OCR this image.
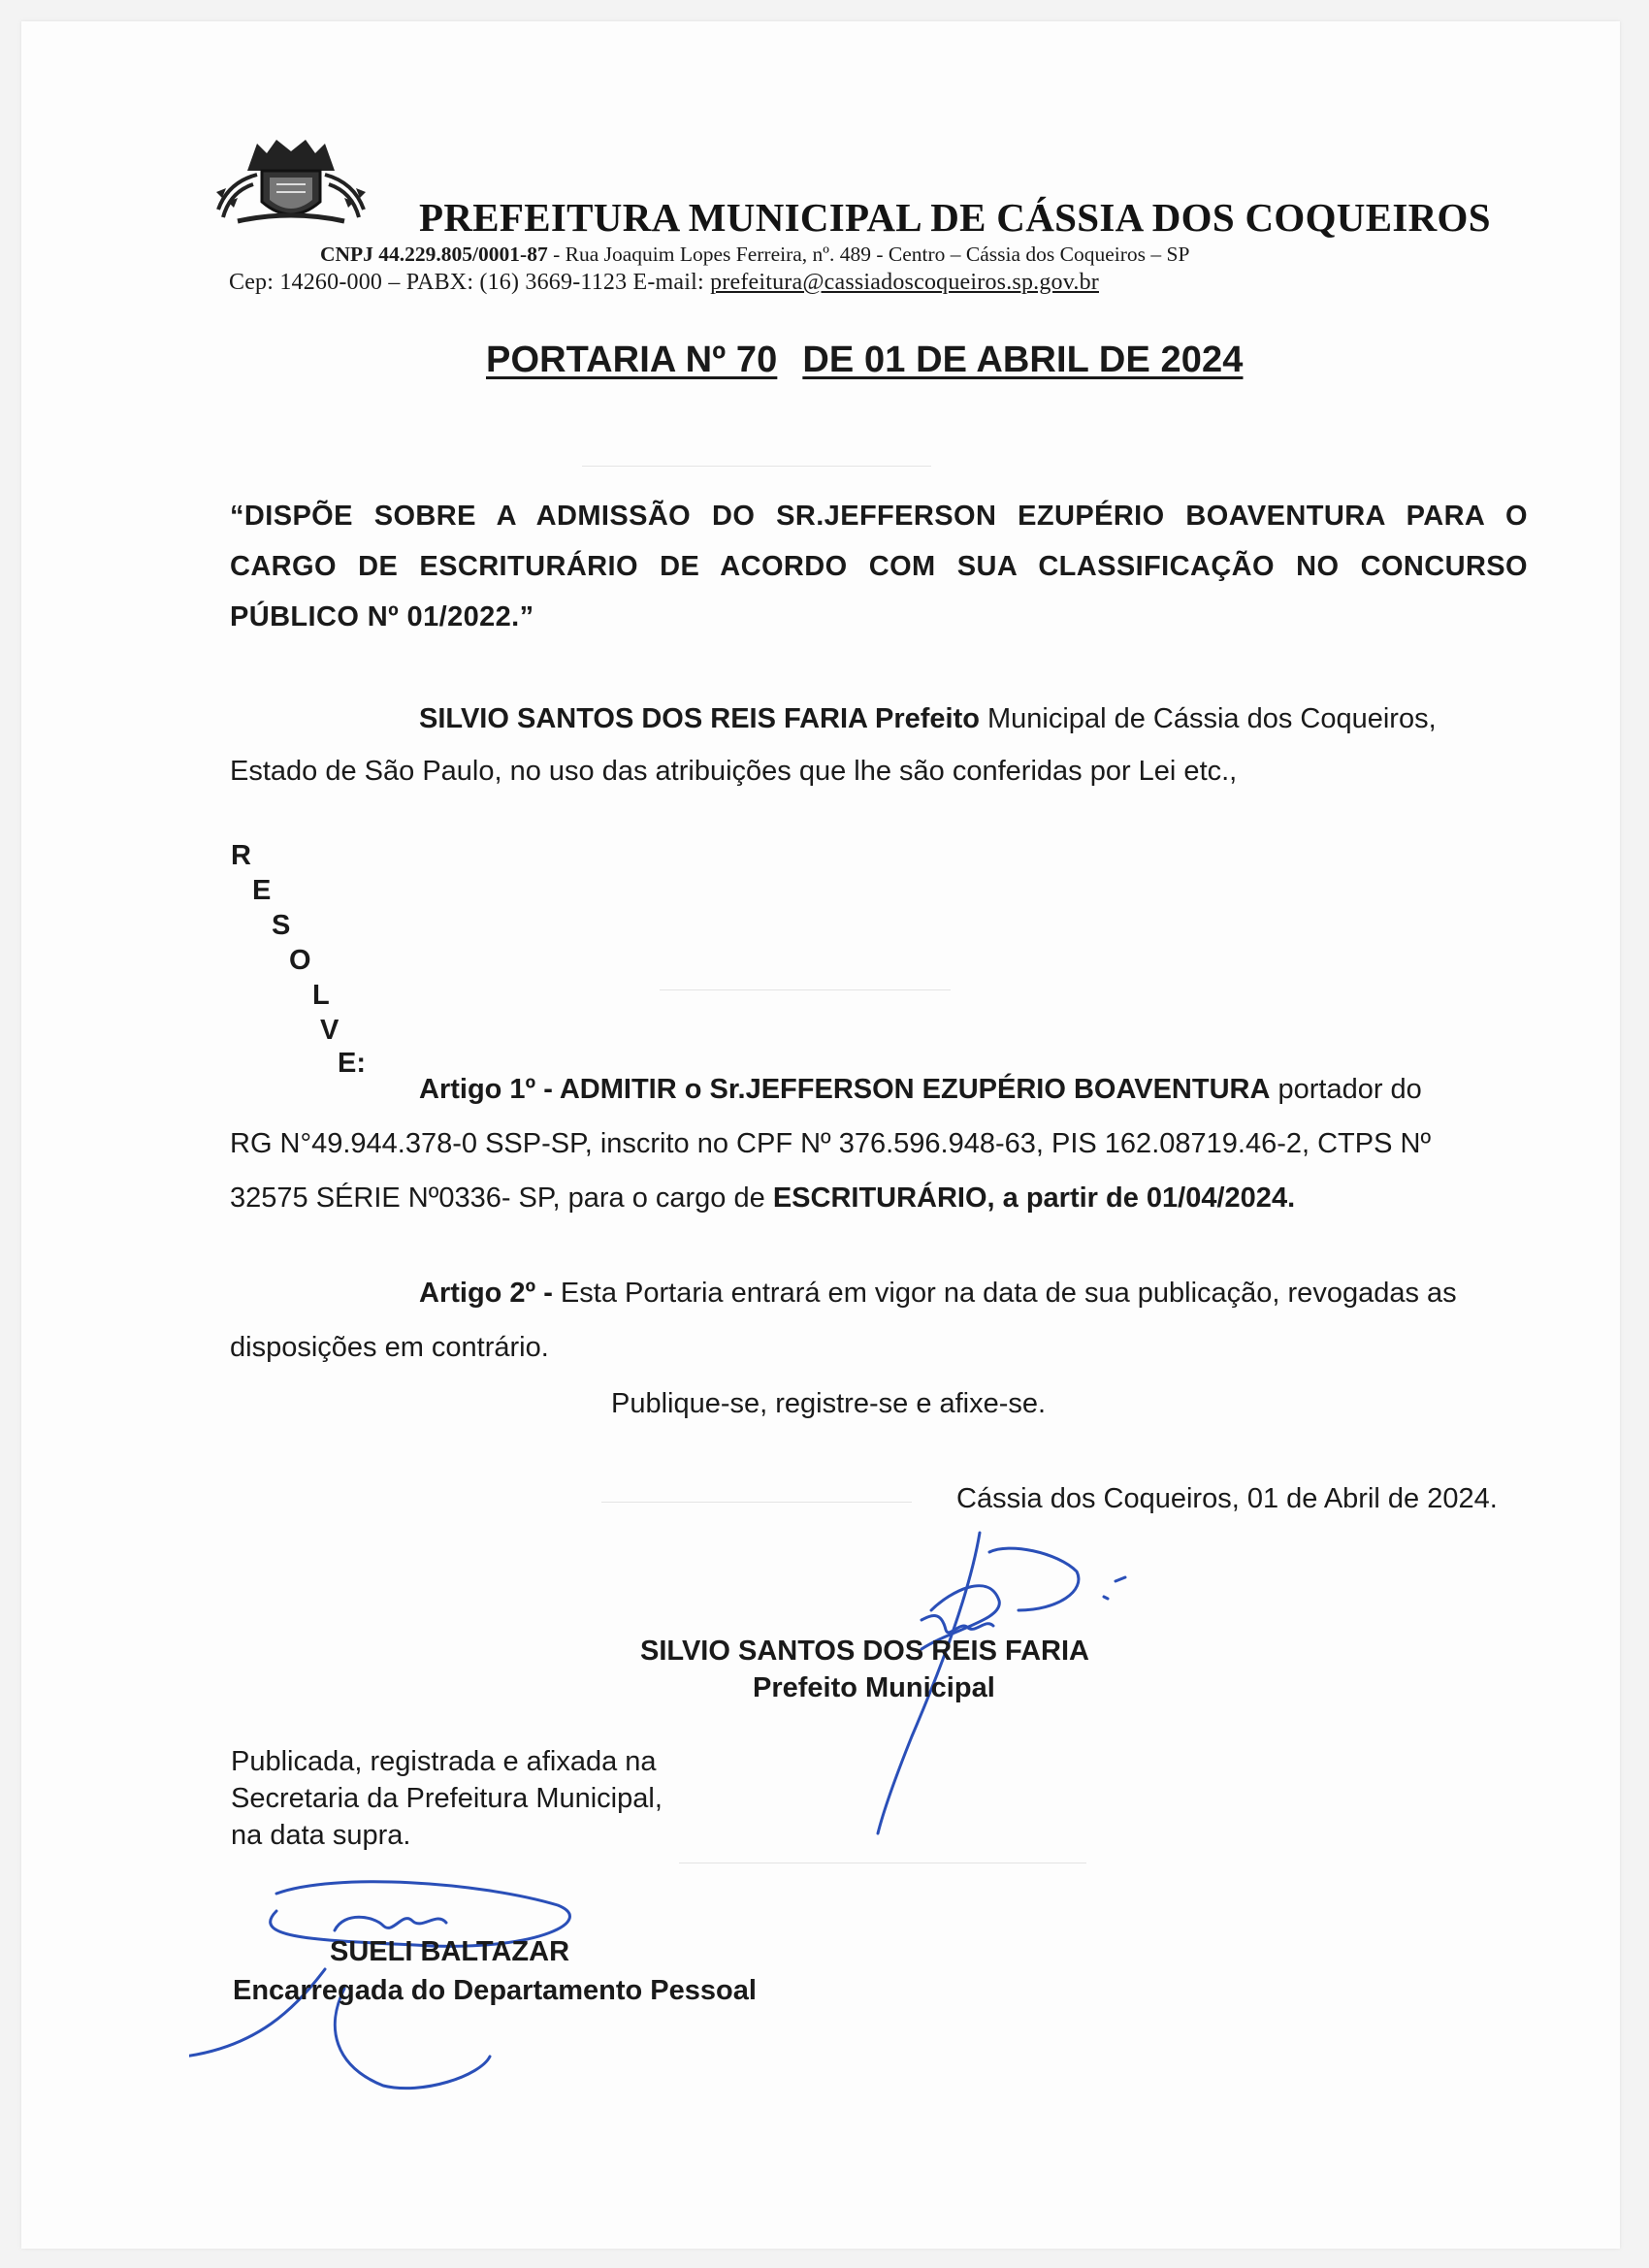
PREFEITURA MUNICIPAL DE CÁSSIA DOS COQUEIROS
CNPJ 44.229.805/0001-87 - Rua Joaquim Lopes Ferreira, nº. 489 - Centro – Cássia dos Coqueiros – SP
Cep: 14260-000 – PABX: (16) 3669-1123 E-mail: prefeitura@cassiadoscoqueiros.sp.gov.br
PORTARIA Nº 70 DE 01 DE ABRIL DE 2024
“DISPÕE SOBRE A ADMISSÃO DO SR.JEFFERSON EZUPÉRIO BOAVENTURA PARA O
CARGO DE ESCRITURÁRIO DE ACORDO COM SUA CLASSIFICAÇÃO NO CONCURSO
PÚBLICO Nº 01/2022.”
SILVIO SANTOS DOS REIS FARIA Prefeito Municipal de Cássia dos Coqueiros,
Estado de São Paulo, no uso das atribuições que lhe são conferidas por Lei etc.,
R
E
S
O
L
V
E:
Artigo 1º - ADMITIR o Sr.JEFFERSON EZUPÉRIO BOAVENTURA portador do
RG N°49.944.378-0 SSP-SP, inscrito no CPF Nº 376.596.948-63, PIS 162.08719.46-2, CTPS Nº
32575 SÉRIE Nº0336- SP, para o cargo de ESCRITURÁRIO, a partir de 01/04/2024.
Artigo 2º - Esta Portaria entrará em vigor na data de sua publicação, revogadas as
disposições em contrário.
Publique-se, registre-se e afixe-se.
Cássia dos Coqueiros, 01 de Abril de 2024.
SILVIO SANTOS DOS REIS FARIA
Prefeito Municipal
Publicada, registrada e afixada na
Secretaria da Prefeitura Municipal,
na data supra.
SUELI BALTAZAR
Encarregada do Departamento Pessoal
